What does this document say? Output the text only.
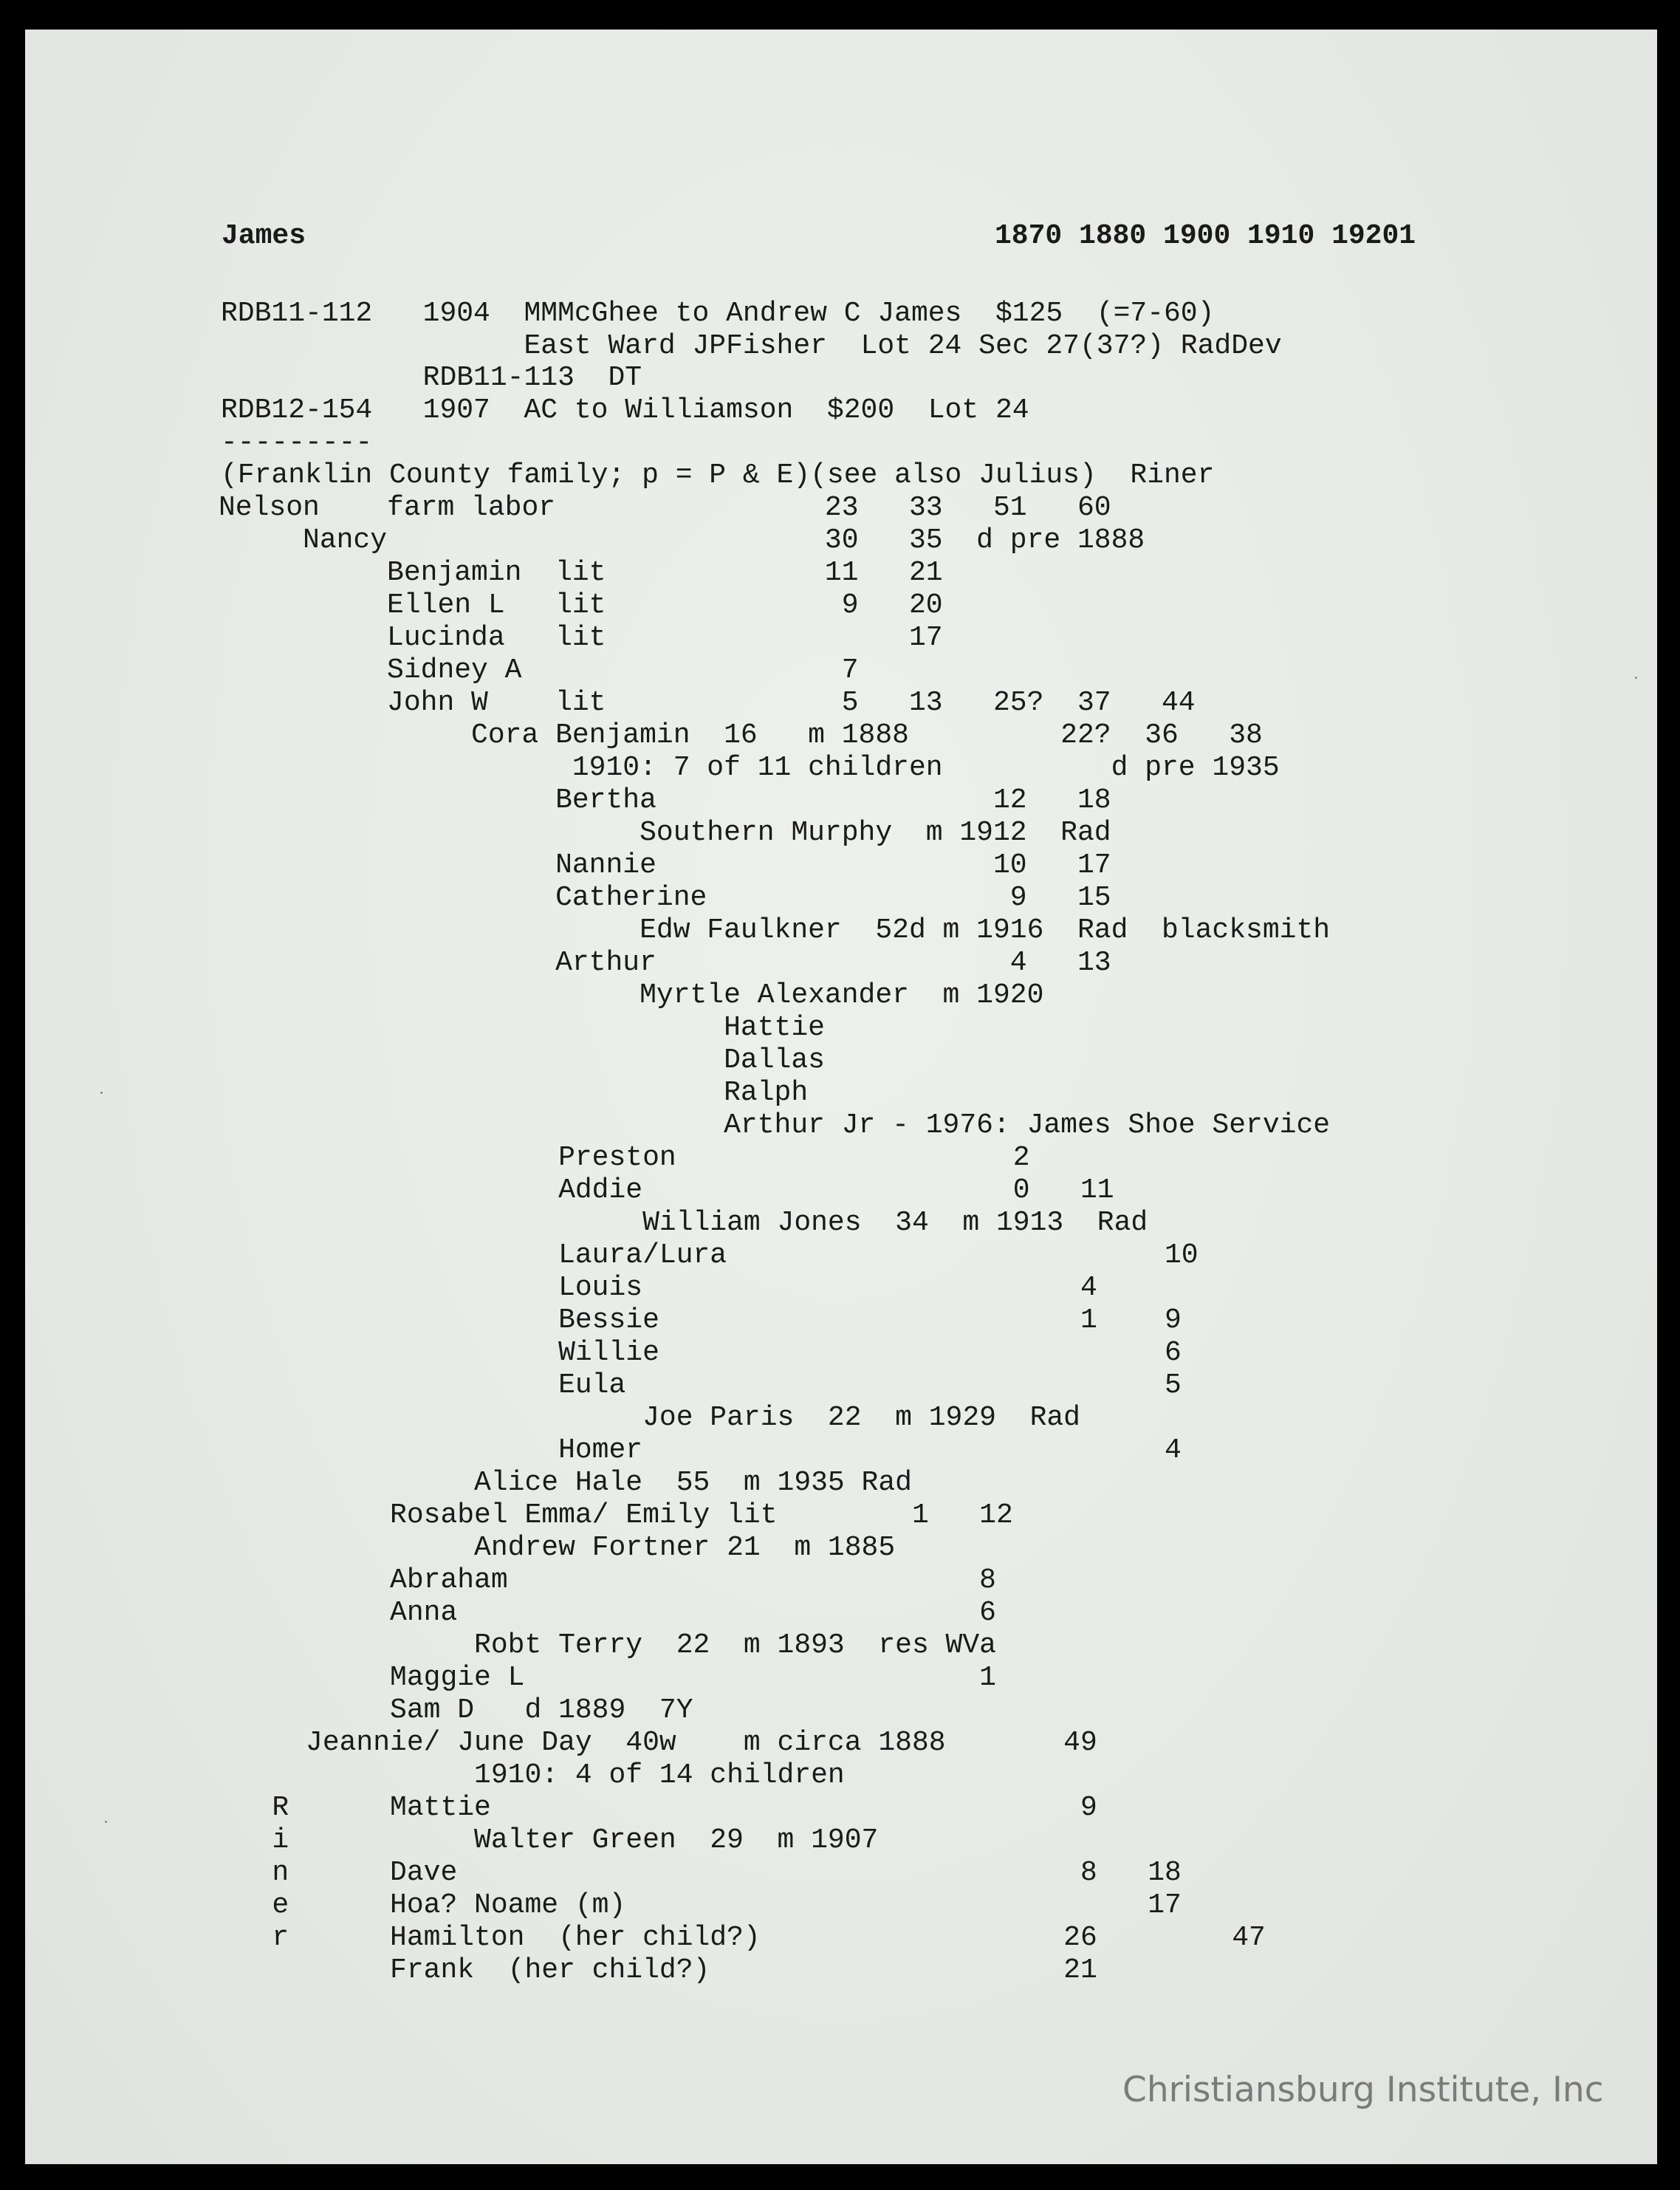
James	1870 1880 1900 1910 19201
RDB11-112   1904  MMMcGhee to Andrew C James  $125  (=7-60)
East Ward JPFisher  Lot 24 Sec 27(37?) RadDev
RDB11-113  DT
RDB12-154   1907  AC to Williamson  $200  Lot 24
---------
(Franklin County family; p = P & E)(see also Julius)  Riner
Nelson    farm labor                23   33   51   60
Nancy                          30   35  d pre 1888
Benjamin  lit             11   21
Ellen L   lit              9   20
Lucinda   lit                  17
Sidney A                   7
John W    lit              5   13   25?  37   44
Cora Benjamin  16   m 1888         22?  36   38
1910: 7 of 11 children          d pre 1935
Bertha                    12   18
Southern Murphy  m 1912  Rad
Nannie                    10   17
Catherine                  9   15
Edw Faulkner  52d m 1916  Rad  blacksmith
Arthur                     4   13
Myrtle Alexander  m 1920
Hattie
Dallas
Ralph
Arthur Jr - 1976: James Shoe Service
Preston                    2
Addie                      0   11
William Jones  34  m 1913  Rad
Laura/Lura                          10
Louis                          4
Bessie                         1    9
Willie                              6
Eula                                5
Joe Paris  22  m 1929  Rad
Homer                               4
Alice Hale  55  m 1935 Rad
Rosabel Emma/ Emily lit        1   12
Andrew Fortner 21  m 1885
Abraham                            8
Anna                               6
Robt Terry  22  m 1893  res WVa
Maggie L                           1
Sam D   d 1889  7Y
Jeannie/ June Day  40w    m circa 1888       49
1910: 4 of 14 children
R      Mattie                                   9
i           Walter Green  29  m 1907
n      Dave                                     8   18
e      Hoa? Noame (m)                               17
r      Hamilton  (her child?)                  26        47
Frank  (her child?)                     21
Christiansburg Institute, Inc
